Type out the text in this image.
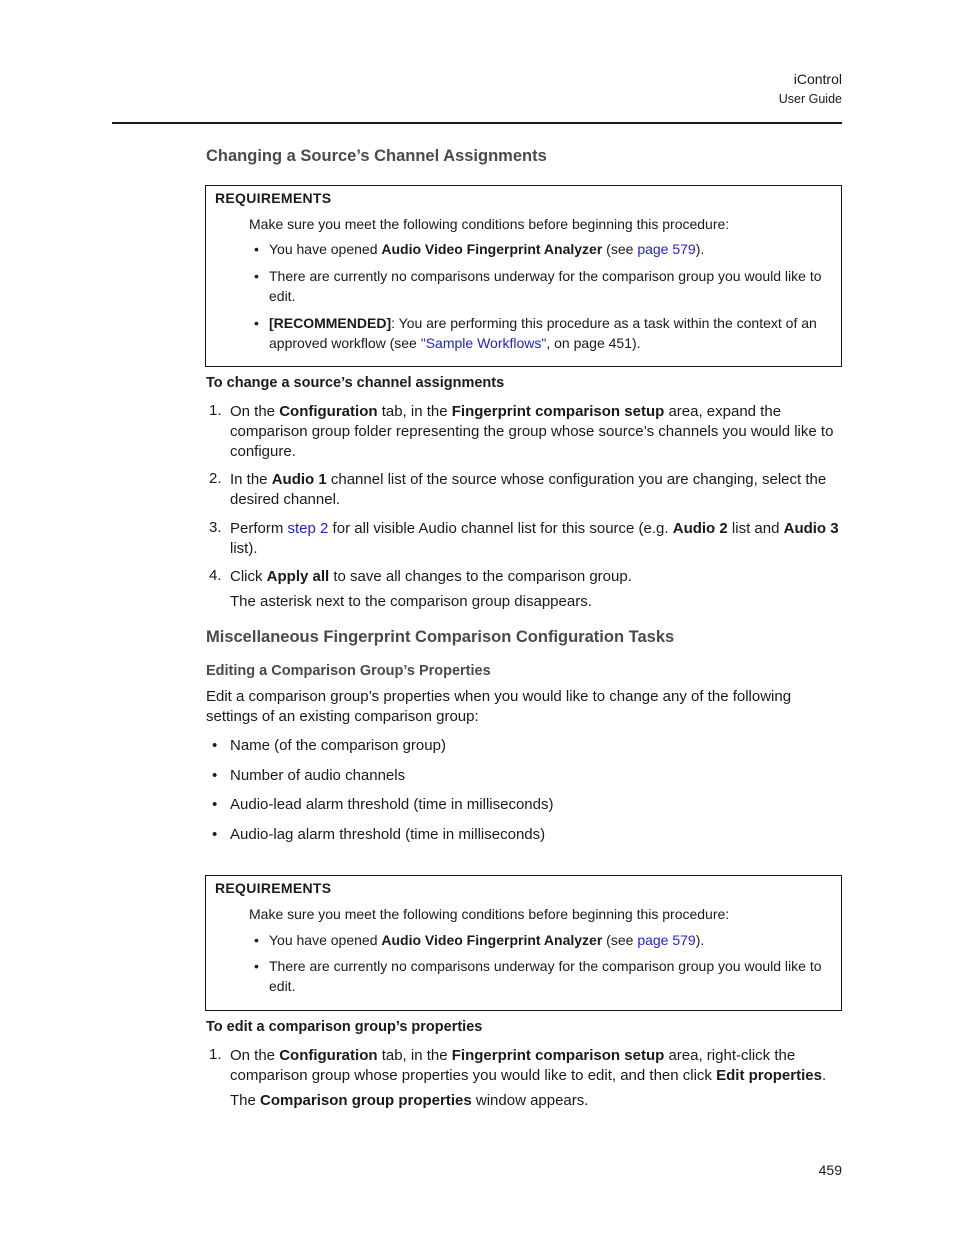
iControl
User Guide
Changing a Source’s Channel Assignments
REQUIREMENTS
Make sure you meet the following conditions before beginning this procedure:
• You have opened Audio Video Fingerprint Analyzer (see page 579).
• There are currently no comparisons underway for the comparison group you would like to edit.
• [RECOMMENDED]: You are performing this procedure as a task within the context of an approved workflow (see "Sample Workflows", on page 451).
To change a source’s channel assignments
1. On the Configuration tab, in the Fingerprint comparison setup area, expand the comparison group folder representing the group whose source’s channels you would like to configure.
2. In the Audio 1 channel list of the source whose configuration you are changing, select the desired channel.
3. Perform step 2 for all visible Audio channel list for this source (e.g. Audio 2 list and Audio 3 list).
4. Click Apply all to save all changes to the comparison group.
The asterisk next to the comparison group disappears.
Miscellaneous Fingerprint Comparison Configuration Tasks
Editing a Comparison Group’s Properties
Edit a comparison group’s properties when you would like to change any of the following settings of an existing comparison group:
• Name (of the comparison group)
• Number of audio channels
• Audio-lead alarm threshold (time in milliseconds)
• Audio-lag alarm threshold (time in milliseconds)
REQUIREMENTS
Make sure you meet the following conditions before beginning this procedure:
• You have opened Audio Video Fingerprint Analyzer (see page 579).
• There are currently no comparisons underway for the comparison group you would like to edit.
To edit a comparison group’s properties
1. On the Configuration tab, in the Fingerprint comparison setup area, right-click the comparison group whose properties you would like to edit, and then click Edit properties.
The Comparison group properties window appears.
459
